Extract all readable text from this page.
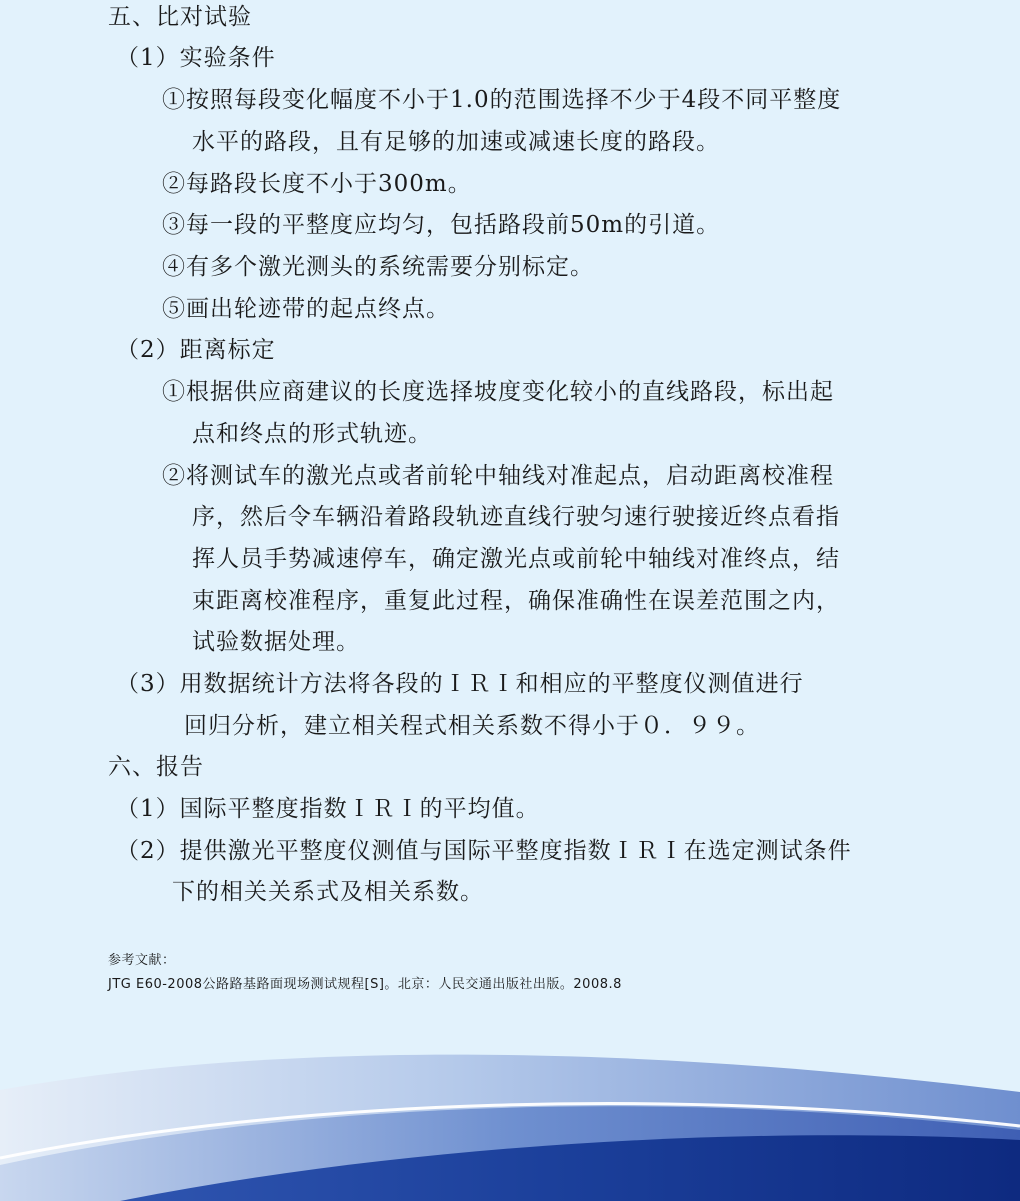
五、比对试验
（1）实验条件
①按照每段变化幅度不小于1.0的范围选择不少于4段不同平整度
水平的路段，且有足够的加速或减速长度的路段。
②每路段长度不小于300m。
③每一段的平整度应均匀，包括路段前50m的引道。
④有多个激光测头的系统需要分别标定。
⑤画出轮迹带的起点终点。
（2）距离标定
①根据供应商建议的长度选择坡度变化较小的直线路段，标出起
点和终点的形式轨迹。
②将测试车的激光点或者前轮中轴线对准起点，启动距离校准程
序，然后令车辆沿着路段轨迹直线行驶匀速行驶接近终点看指
挥人员手势减速停车，确定激光点或前轮中轴线对准终点，结
束距离校准程序，重复此过程，确保准确性在误差范围之内，
试验数据处理。
（3）用数据统计方法将各段的ＩＲＩ和相应的平整度仪测值进行
回归分析，建立相关程式相关系数不得小于０．９９。
六、报告
（1）国际平整度指数ＩＲＩ的平均值。
（2）提供激光平整度仪测值与国际平整度指数ＩＲＩ在选定测试条件
下的相关关系式及相关系数。
参考文献：
JTG E60-2008公路路基路面现场测试规程[S]。北京：人民交通出版社出版。2008.8
